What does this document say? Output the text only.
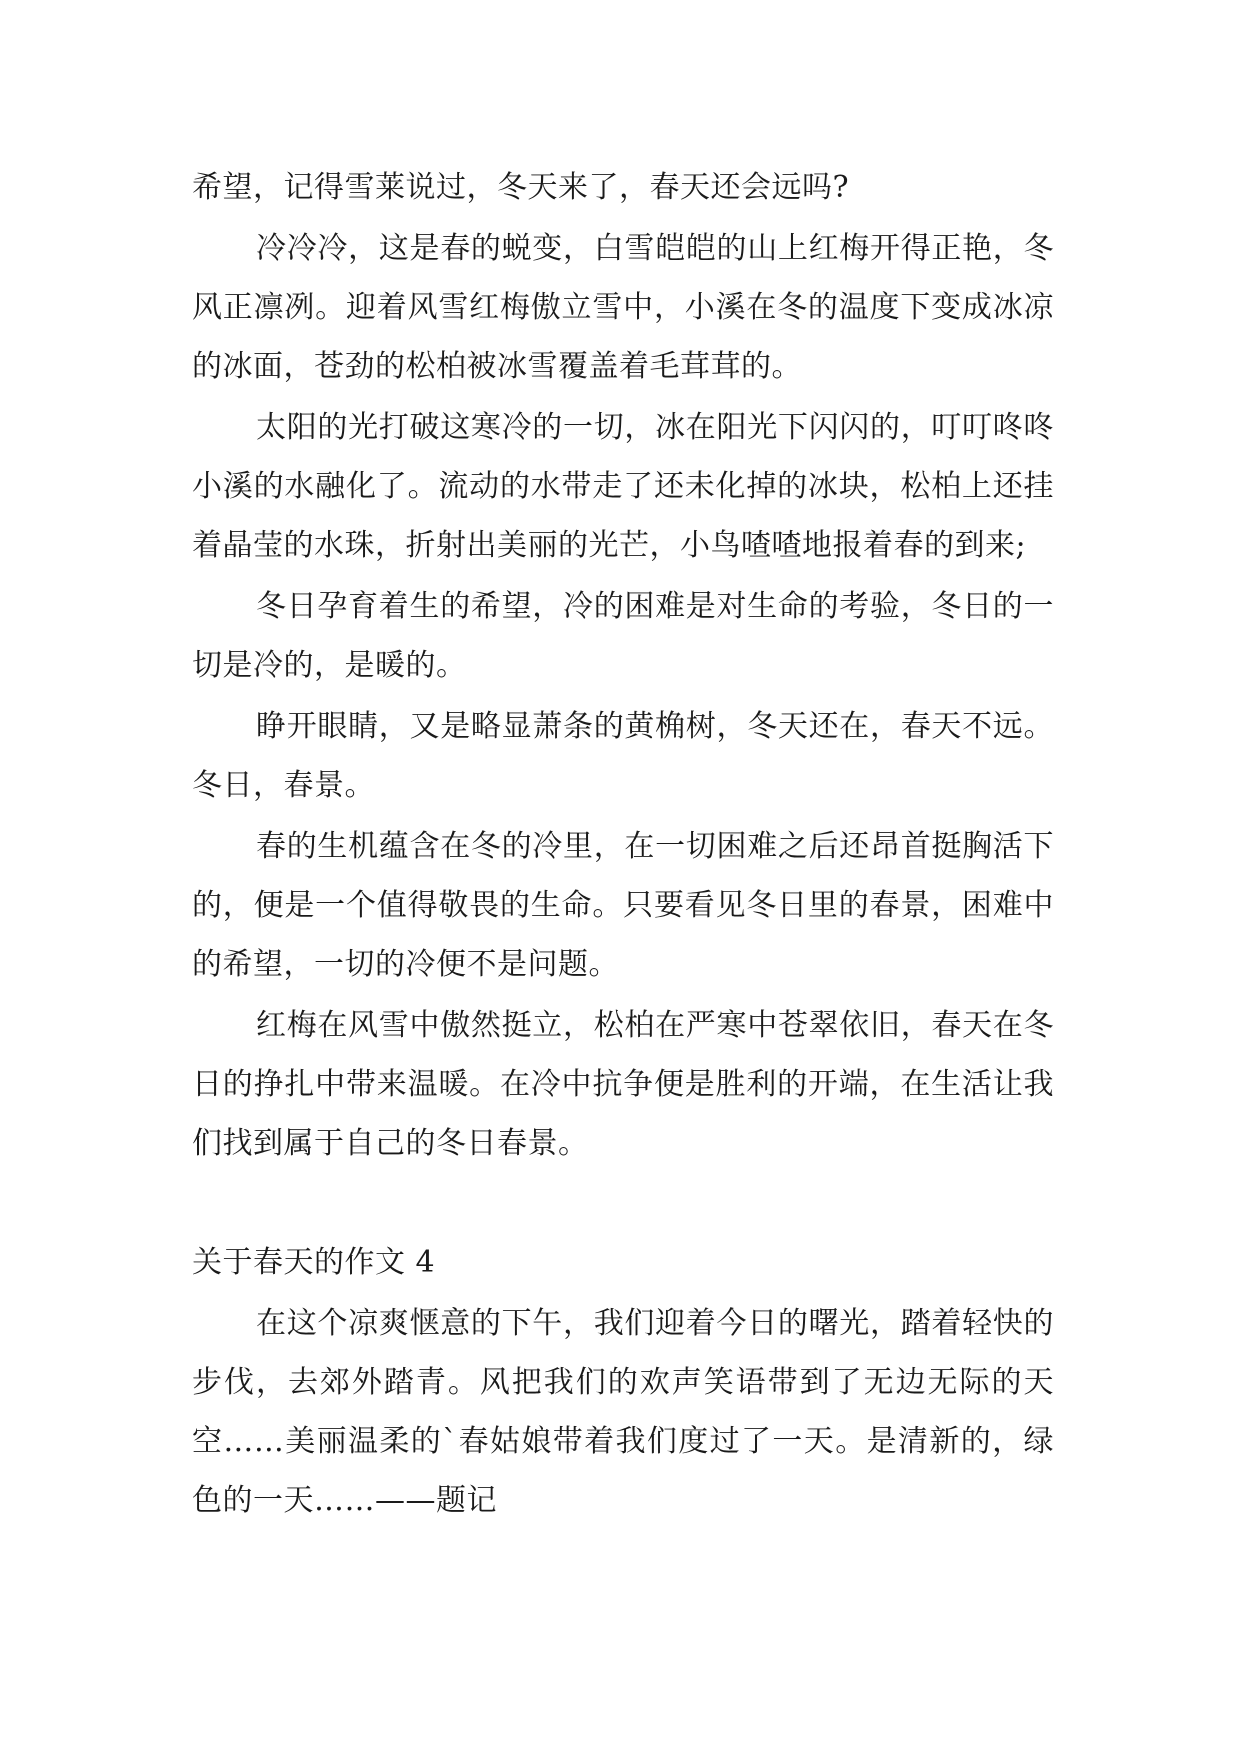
希望，记得雪莱说过，冬天来了，春天还会远吗?

冷冷冷，这是春的蜕变，白雪皑皑的山上红梅开得正艳，冬风正凛冽。迎着风雪红梅傲立雪中，小溪在冬的温度下变成冰凉的冰面，苍劲的松柏被冰雪覆盖着毛茸茸的。

太阳的光打破这寒冷的一切，冰在阳光下闪闪的，叮叮咚咚小溪的水融化了。流动的水带走了还未化掉的冰块，松柏上还挂着晶莹的水珠，折射出美丽的光芒，小鸟喳喳地报着春的到来;

冬日孕育着生的希望，冷的困难是对生命的考验，冬日的一切是冷的，是暖的。

睁开眼睛，又是略显萧条的黄桷树，冬天还在，春天不远。冬日，春景。

春的生机蕴含在冬的冷里，在一切困难之后还昂首挺胸活下的，便是一个值得敬畏的生命。只要看见冬日里的春景，困难中的希望，一切的冷便不是问题。

红梅在风雪中傲然挺立，松柏在严寒中苍翠依旧，春天在冬日的挣扎中带来温暖。在冷中抗争便是胜利的开端，在生活让我们找到属于自己的冬日春景。

关于春天的作文 4

在这个凉爽惬意的下午，我们迎着今日的曙光，踏着轻快的步伐，去郊外踏青。风把我们的欢声笑语带到了无边无际的天空……美丽温柔的`春姑娘带着我们度过了一天。是清新的，绿色的一天……——题记
